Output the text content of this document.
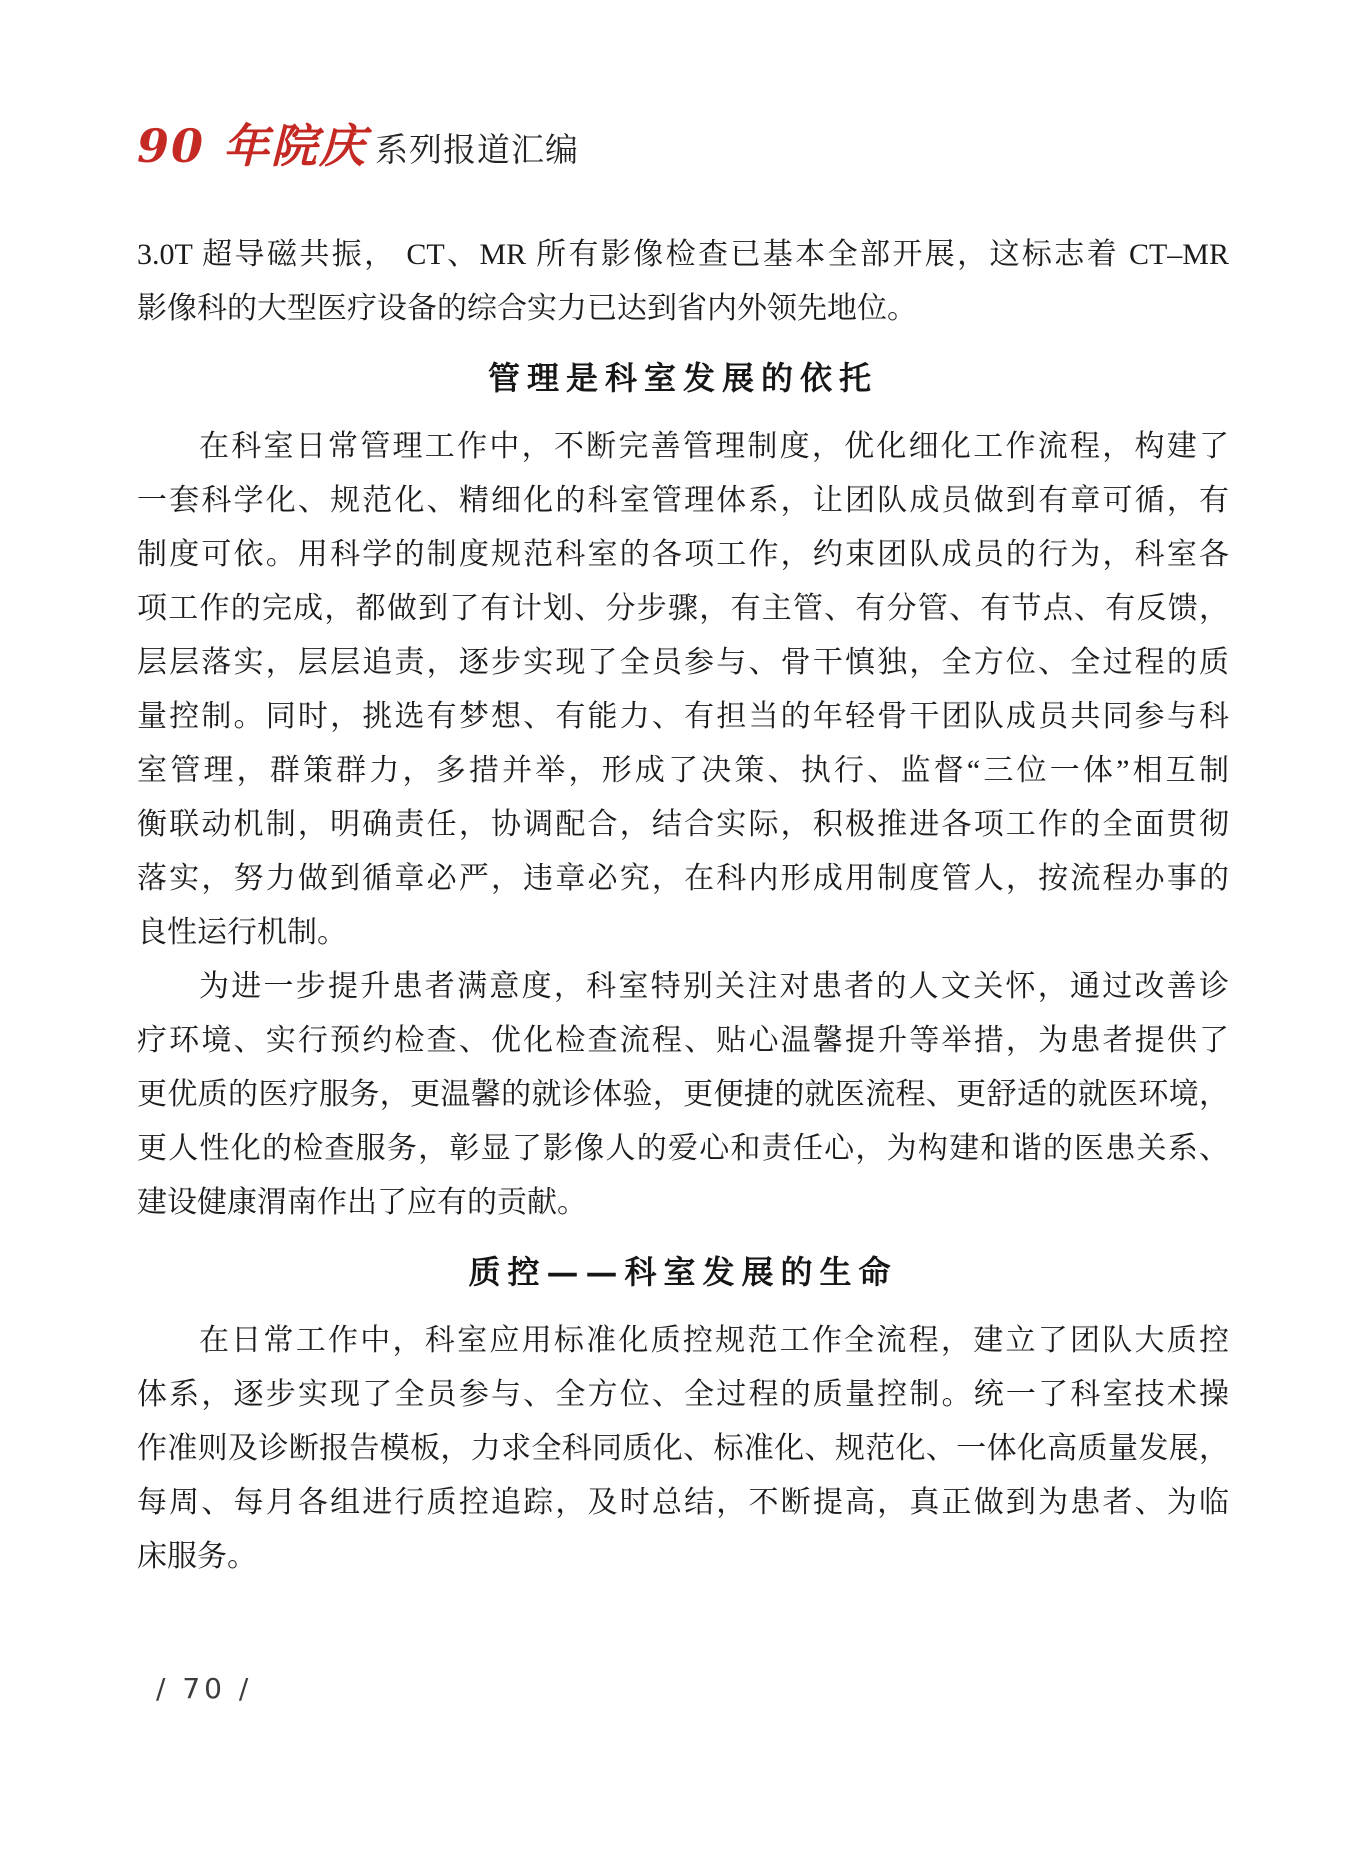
90 年院庆 系列报道汇编
3.0T 超导磁共振， CT、MR 所有影像检查已基本全部开展，这标志着 CT–MR
影像科的大型医疗设备的综合实力已达到省内外领先地位。
管理是科室发展的依托
在科室日常管理工作中，不断完善管理制度，优化细化工作流程，构建了
一套科学化、规范化、精细化的科室管理体系，让团队成员做到有章可循，有
制度可依。用科学的制度规范科室的各项工作，约束团队成员的行为，科室各
项工作的完成，都做到了有计划、分步骤，有主管、有分管、有节点、有反馈，
层层落实，层层追责，逐步实现了全员参与、骨干慎独，全方位、全过程的质
量控制。同时，挑选有梦想、有能力、有担当的年轻骨干团队成员共同参与科
室管理，群策群力，多措并举，形成了决策、执行、监督“三位一体”相互制
衡联动机制，明确责任，协调配合，结合实际，积极推进各项工作的全面贯彻
落实，努力做到循章必严，违章必究，在科内形成用制度管人，按流程办事的
良性运行机制。
为进一步提升患者满意度，科室特别关注对患者的人文关怀，通过改善诊
疗环境、实行预约检查、优化检查流程、贴心温馨提升等举措，为患者提供了
更优质的医疗服务，更温馨的就诊体验，更便捷的就医流程、更舒适的就医环境，
更人性化的检查服务，彰显了影像人的爱心和责任心，为构建和谐的医患关系、
建设健康渭南作出了应有的贡献。
质控——科室发展的生命
在日常工作中，科室应用标准化质控规范工作全流程，建立了团队大质控
体系，逐步实现了全员参与、全方位、全过程的质量控制。统一了科室技术操
作准则及诊断报告模板，力求全科同质化、标准化、规范化、一体化高质量发展，
每周、每月各组进行质控追踪，及时总结，不断提高，真正做到为患者、为临
床服务。
/ 70 /
